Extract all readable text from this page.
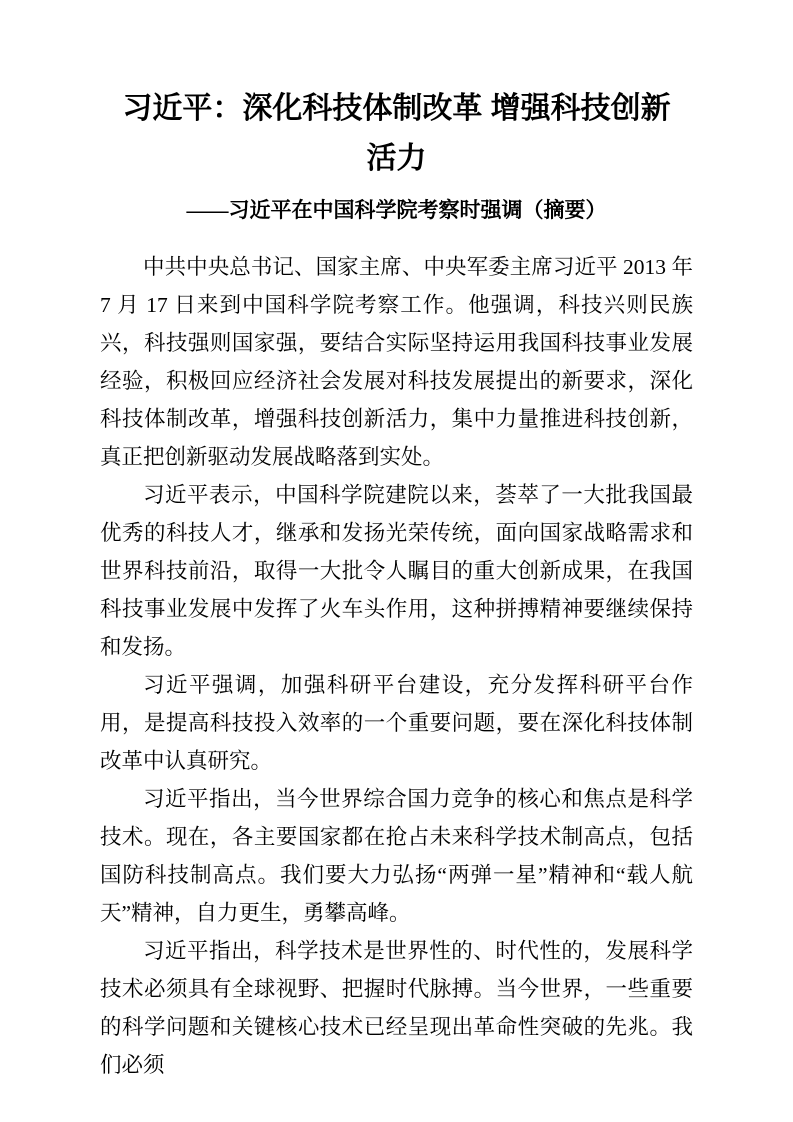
习近平：深化科技体制改革 增强科技创新活力
——习近平在中国科学院考察时强调（摘要）

中共中央总书记、国家主席、中央军委主席习近平 2013 年 7 月 17 日来到中国科学院考察工作。他强调，科技兴则民族兴，科技强则国家强，要结合实际坚持运用我国科技事业发展经验，积极回应经济社会发展对科技发展提出的新要求，深化科技体制改革，增强科技创新活力，集中力量推进科技创新，真正把创新驱动发展战略落到实处。

习近平表示，中国科学院建院以来，荟萃了一大批我国最优秀的科技人才，继承和发扬光荣传统，面向国家战略需求和世界科技前沿，取得一大批令人瞩目的重大创新成果，在我国科技事业发展中发挥了火车头作用，这种拼搏精神要继续保持和发扬。

习近平强调，加强科研平台建设，充分发挥科研平台作用，是提高科技投入效率的一个重要问题，要在深化科技体制改革中认真研究。

习近平指出，当今世界综合国力竞争的核心和焦点是科学技术。现在，各主要国家都在抢占未来科学技术制高点，包括国防科技制高点。我们要大力弘扬“两弹一星”精神和“载人航天”精神，自力更生，勇攀高峰。

习近平指出，科学技术是世界性的、时代性的，发展科学技术必须具有全球视野、把握时代脉搏。当今世界，一些重要的科学问题和关键核心技术已经呈现出革命性突破的先兆。我们必须
